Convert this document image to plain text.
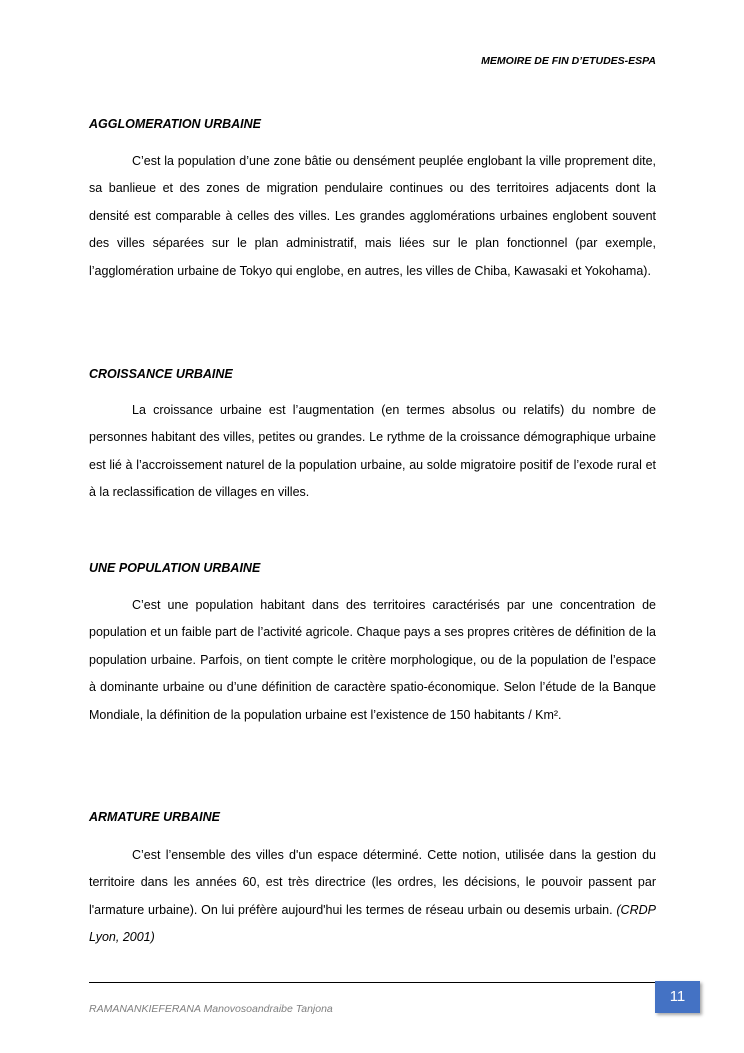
MEMOIRE DE FIN D’ETUDES-ESPA
AGGLOMERATION URBAINE

C’est la population d’une zone bâtie ou densément peuplée englobant la ville proprement dite, sa banlieue et des zones de migration pendulaire continues ou des territoires adjacents dont la densité est comparable à celles des villes. Les grandes agglomérations urbaines englobent souvent des villes séparées sur le plan administratif, mais liées sur le plan fonctionnel (par exemple, l’agglomération urbaine de Tokyo qui englobe, en autres, les villes de Chiba, Kawasaki et Yokohama).

CROISSANCE URBAINE

La croissance urbaine est l’augmentation (en termes absolus ou relatifs) du nombre de personnes habitant des villes, petites ou grandes. Le rythme de la croissance démographique urbaine est lié à l’accroissement naturel de la population urbaine, au solde migratoire positif de l’exode rural et à la reclassification de villages en villes.

UNE POPULATION URBAINE

C’est une population habitant dans des territoires caractérisés par une concentration de population et un faible part de l’activité agricole. Chaque pays a ses propres critères de définition de la population urbaine. Parfois, on tient compte le critère morphologique, ou de la population de l’espace à dominante urbaine ou d’une définition de caractère spatio-économique. Selon l’étude de la Banque Mondiale, la définition de la population urbaine est l’existence de 150 habitants / Km².

ARMATURE URBAINE

C’est l’ensemble des villes d'un espace déterminé. Cette notion, utilisée dans la gestion du territoire dans les années 60, est très directrice (les ordres, les décisions, le pouvoir passent par l'armature urbaine). On lui préfère aujourd'hui les termes de réseau urbain ou desemis urbain. (CRDP Lyon, 2001)

RAMANANKIEFERANA Manovosoandraibe Tanjona
11
